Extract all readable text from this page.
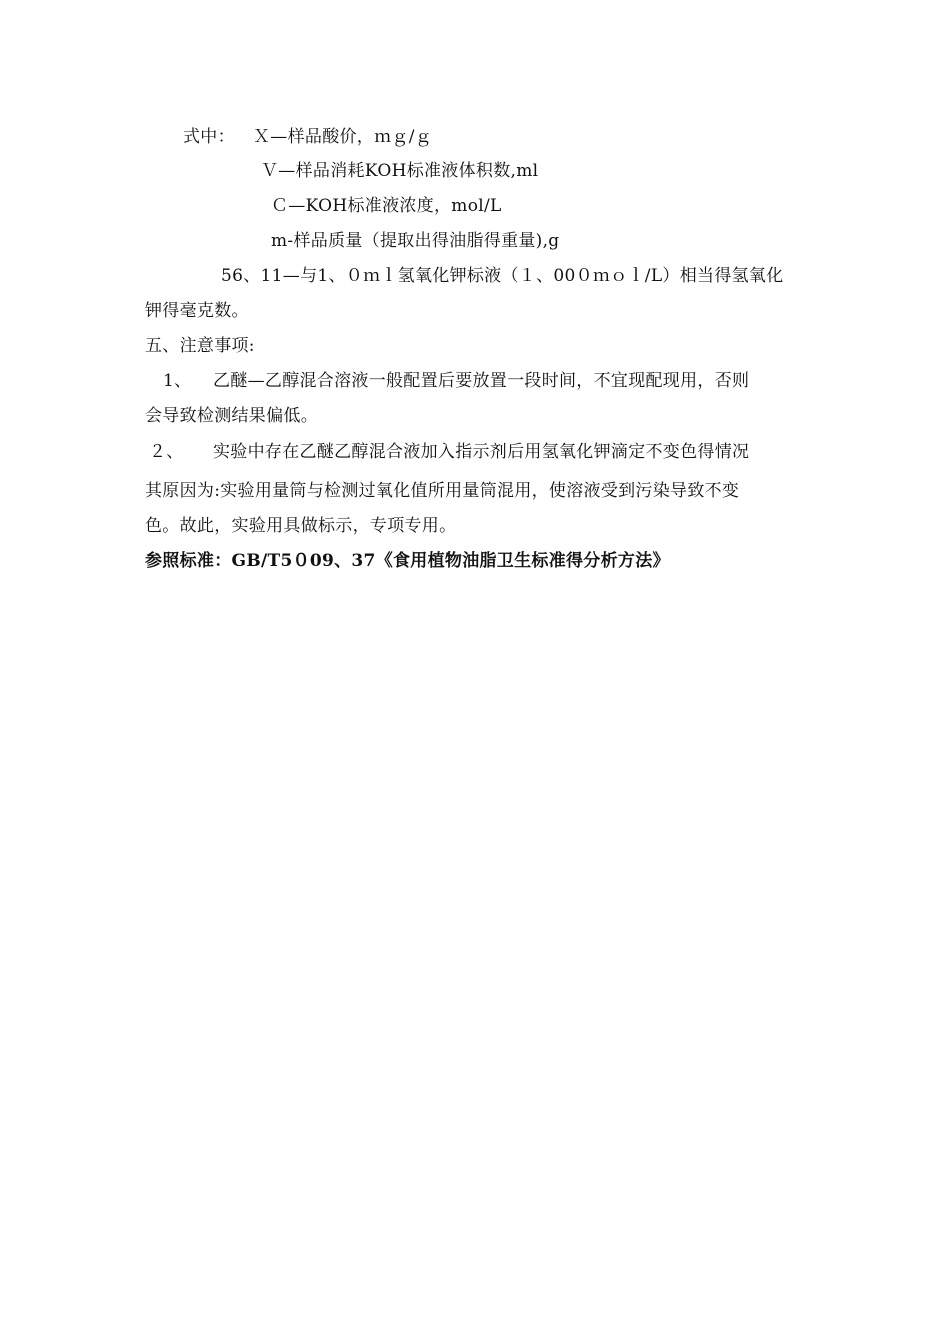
式中： Ｘ—样品酸价，ｍｇ/ｇ
Ｖ—样品消耗KOH标准液体积数,ml
Ｃ—KOH标准液浓度，mol/L
m-样品质量（提取出得油脂得重量),g
56、11—与1、０ｍｌ氢氧化钾标液（１、00０ｍｏｌ/L）相当得氢氧化
钾得毫克数。
五、注意事项:
1、 乙醚—乙醇混合溶液一般配置后要放置一段时间，不宜现配现用，否则
会导致检测结果偏低。
２、 实验中存在乙醚乙醇混合液加入指示剂后用氢氧化钾滴定不变色得情况
其原因为:实验用量筒与检测过氧化值所用量筒混用，使溶液受到污染导致不变
色。故此，实验用具做标示，专项专用。
参照标准：GB/T5０09、37《食用植物油脂卫生标准得分析方法》
